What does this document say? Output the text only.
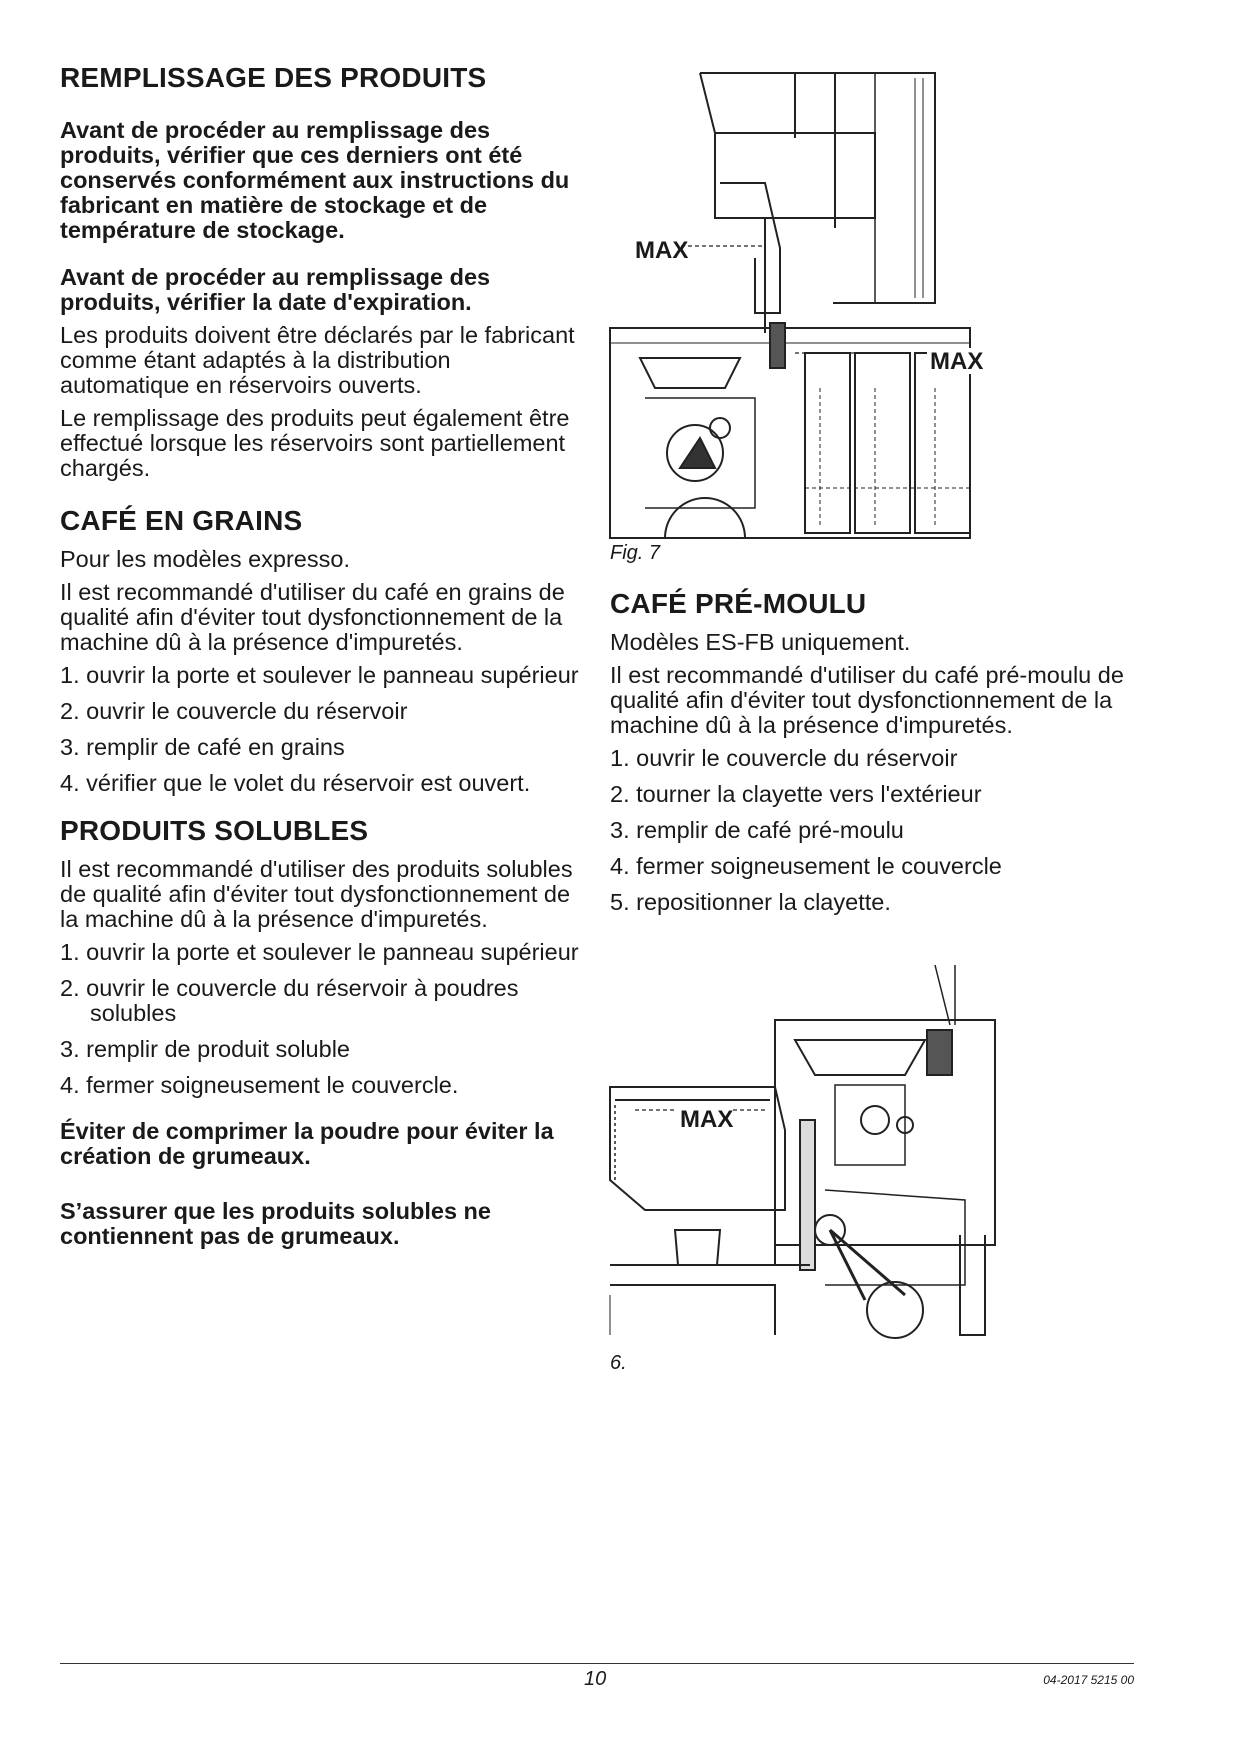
REMPLISSAGE DES PRODUITS

Avant de procéder au remplissage des produits, vérifier que ces derniers ont été conservés conformément aux instructions du fabricant en matière de stockage et de température de stockage.

Avant de procéder au remplissage des produits, vérifier la date d'expiration.

Les produits doivent être déclarés par le fabricant comme étant adaptés à la distribution automatique en réservoirs ouverts.

Le remplissage des produits peut également être effectué lorsque les réservoirs sont partiellement chargés.

CAFÉ EN GRAINS

Pour les modèles expresso.

Il est recommandé d'utiliser du café en grains de qualité afin d'éviter tout dysfonctionnement de la machine dû à la présence d'impuretés.

1. ouvrir la porte et soulever le panneau supérieur
2. ouvrir le couvercle du réservoir
3. remplir de café en grains
4. vérifier que le volet du réservoir est ouvert.
PRODUITS SOLUBLES

Il est recommandé d'utiliser des produits solubles de qualité afin d'éviter tout dysfonctionnement de la machine dû à la présence d'impuretés.

1. ouvrir la porte et soulever le panneau supérieur
2. ouvrir le couvercle du réservoir à poudres solubles
3. remplir de produit soluble
4. fermer soigneusement le couvercle.

Éviter de comprimer la poudre pour éviter la création de grumeaux.

S’assurer que les produits solubles ne contiennent pas de grumeaux.

MAX
MAX
Fig. 7
CAFÉ PRÉ-MOULU

Modèles ES-FB uniquement.

Il est recommandé d'utiliser du café pré-moulu de qualité afin d'éviter tout dysfonctionnement de la machine dû à la présence d'impuretés.

1. ouvrir le couvercle du réservoir
2. tourner la clayette vers l'extérieur
3. remplir de café pré-moulu
4. fermer soigneusement le couvercle
5. repositionner la clayette.
MAX
6.
10	04-2017 5215 00
